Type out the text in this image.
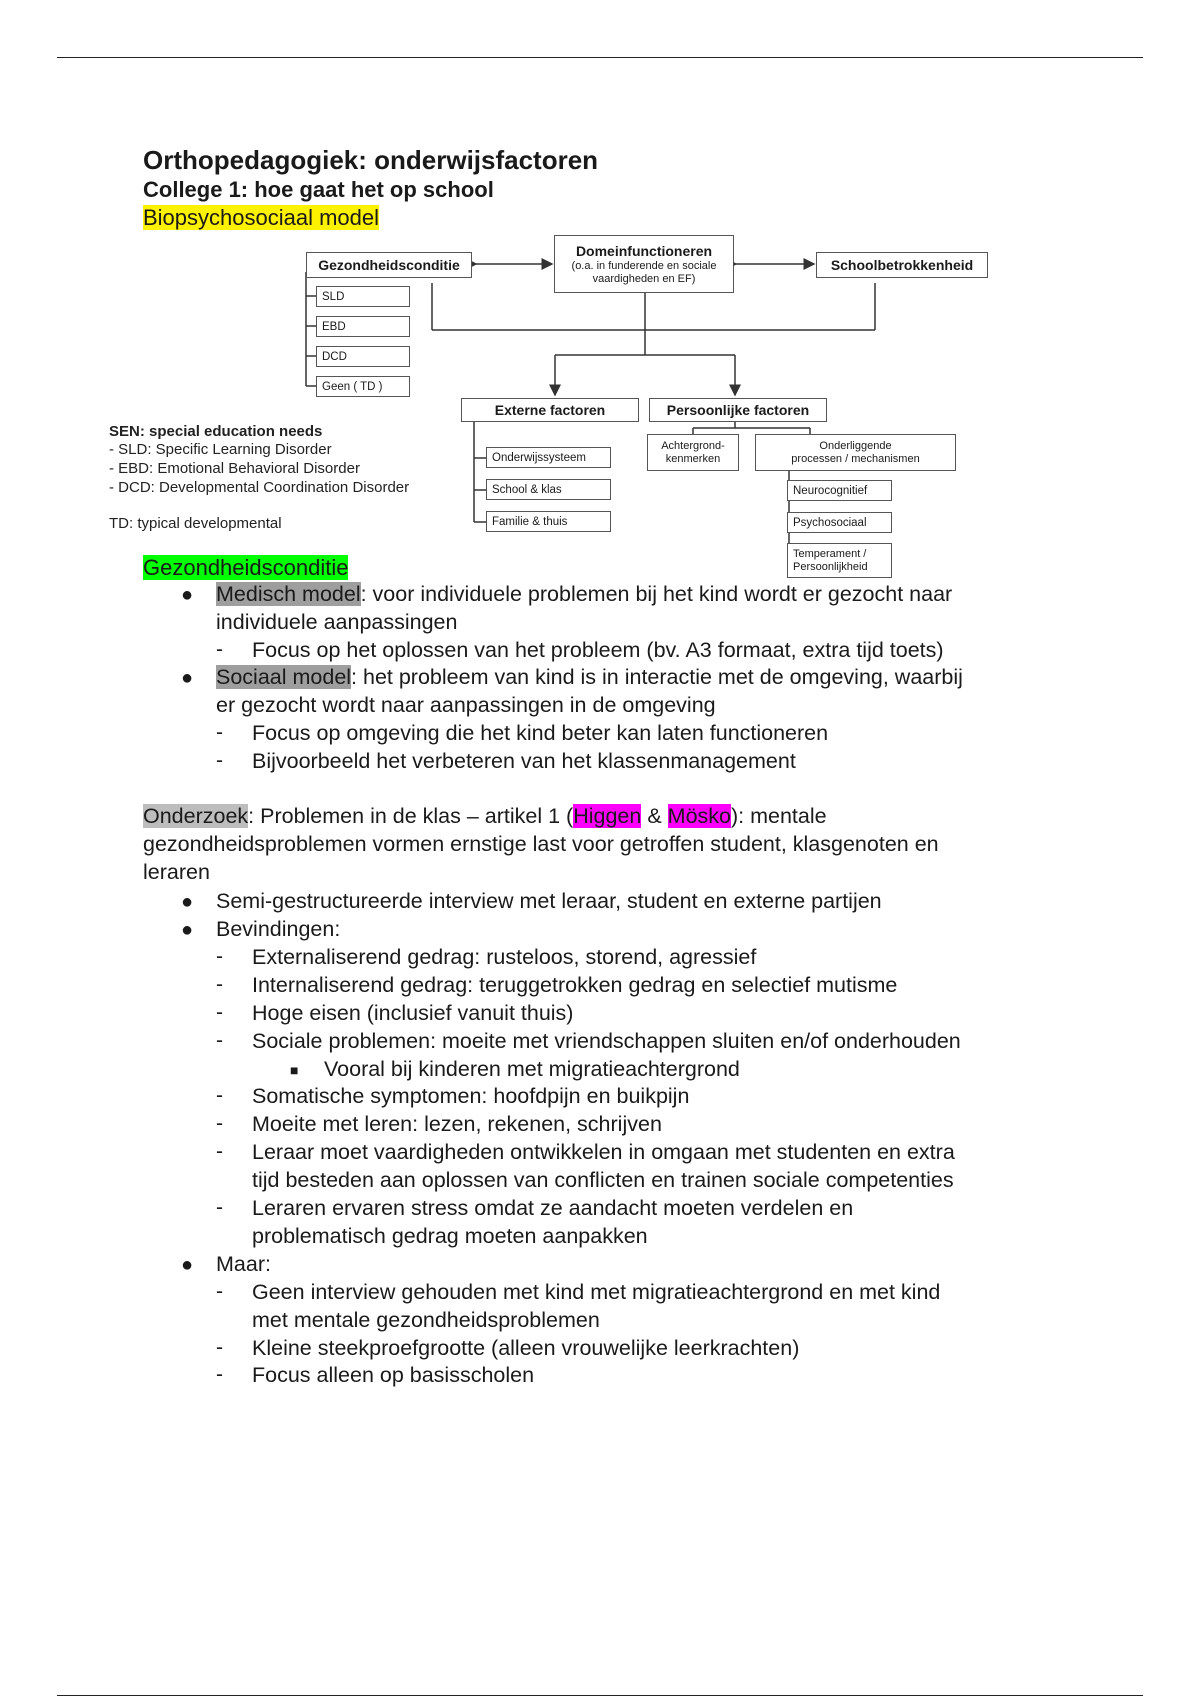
Orthopedagogiek: onderwijsfactoren
College 1: hoe gaat het op school
Biopsychosociaal model
Gezondheidsconditie
Domeinfunctioneren
(o.a. in funderende en sociale
vaardigheden en EF)
Schoolbetrokkenheid
SLD
EBD
DCD
Geen ( TD )
Externe factoren	Persoonlijke factoren
Onderwijssysteem
School & klas
Familie & thuis
Achtergrond-
kenmerken
Onderliggende
processen / mechanismen
Neurocognitief
Psychosociaal
Temperament /
Persoonlijkheid
SEN: special education needs
- SLD: Specific Learning Disorder
- EBD: Emotional Behavioral Disorder
- DCD: Developmental Coordination Disorder
TD: typical developmental
Gezondheidsconditie
● Medisch model: voor individuele problemen bij het kind wordt er gezocht naar
individuele aanpassingen
- Focus op het oplossen van het probleem (bv. A3 formaat, extra tijd toets)
● Sociaal model: het probleem van kind is in interactie met de omgeving, waarbij
er gezocht wordt naar aanpassingen in de omgeving
- Focus op omgeving die het kind beter kan laten functioneren
- Bijvoorbeeld het verbeteren van het klassenmanagement
Onderzoek: Problemen in de klas – artikel 1 (Higgen & Mösko): mentale
gezondheidsproblemen vormen ernstige last voor getroffen student, klasgenoten en
leraren
● Semi-gestructureerde interview met leraar, student en externe partijen
● Bevindingen:
- Externaliserend gedrag: rusteloos, storend, agressief
- Internaliserend gedrag: teruggetrokken gedrag en selectief mutisme
- Hoge eisen (inclusief vanuit thuis)
- Sociale problemen: moeite met vriendschappen sluiten en/of onderhouden
■ Vooral bij kinderen met migratieachtergrond
- Somatische symptomen: hoofdpijn en buikpijn
- Moeite met leren: lezen, rekenen, schrijven
- Leraar moet vaardigheden ontwikkelen in omgaan met studenten en extra
tijd besteden aan oplossen van conflicten en trainen sociale competenties
- Leraren ervaren stress omdat ze aandacht moeten verdelen en
problematisch gedrag moeten aanpakken
● Maar:
- Geen interview gehouden met kind met migratieachtergrond en met kind
met mentale gezondheidsproblemen
- Kleine steekproefgrootte (alleen vrouwelijke leerkrachten)
- Focus alleen op basisscholen
